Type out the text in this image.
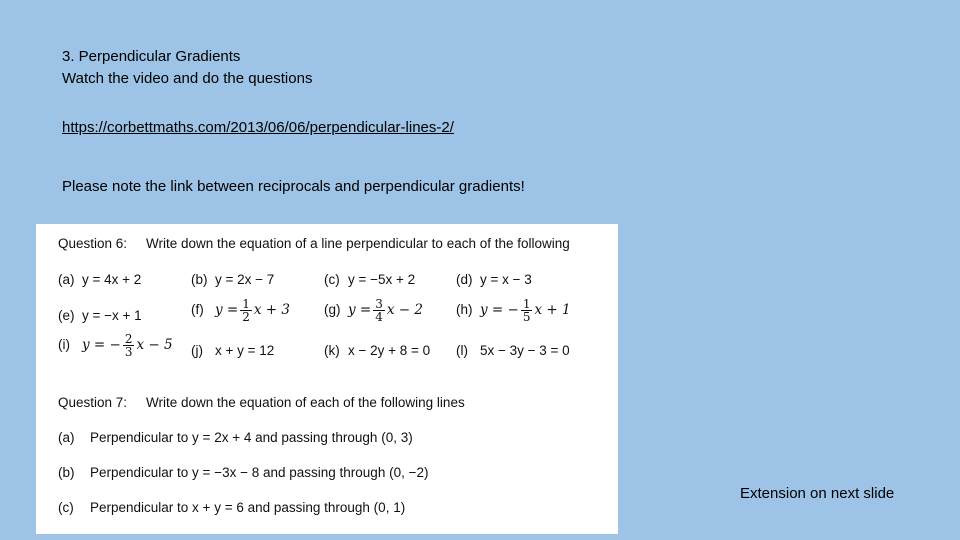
3. Perpendicular Gradients
Watch the video and do the questions
https://corbettmaths.com/2013/06/06/perpendicular-lines-2/
Please note the link between reciprocals and perpendicular gradients!
Question 6: Write down the equation of a line perpendicular to each of the following
(a) y = 4x + 2	(b) y = 2x − 7	(c) y = −5x + 2	(d) y = x − 3
(e) y = −x + 1	(f) $y = \frac{1}{2}$ x + 3	(g) $y = \frac{3}{4}$ x − 2 (h) y = − $\frac{1}{5}$ x + 1
(i) y = − $\frac{2}{3}$ x − 5 (j) x + y = 12	(k) x − 2y + 8 = 0 (l) 5x − 3y − 3 = 0
Question 7: Write down the equation of each of the following lines
(a) Perpendicular to y = 2x + 4 and passing through (0, 3)
(b) Perpendicular to y = −3x − 8 and passing through (0, −2)
(c) Perpendicular to x + y = 6 and passing through (0, 1)
Extension on next slide
